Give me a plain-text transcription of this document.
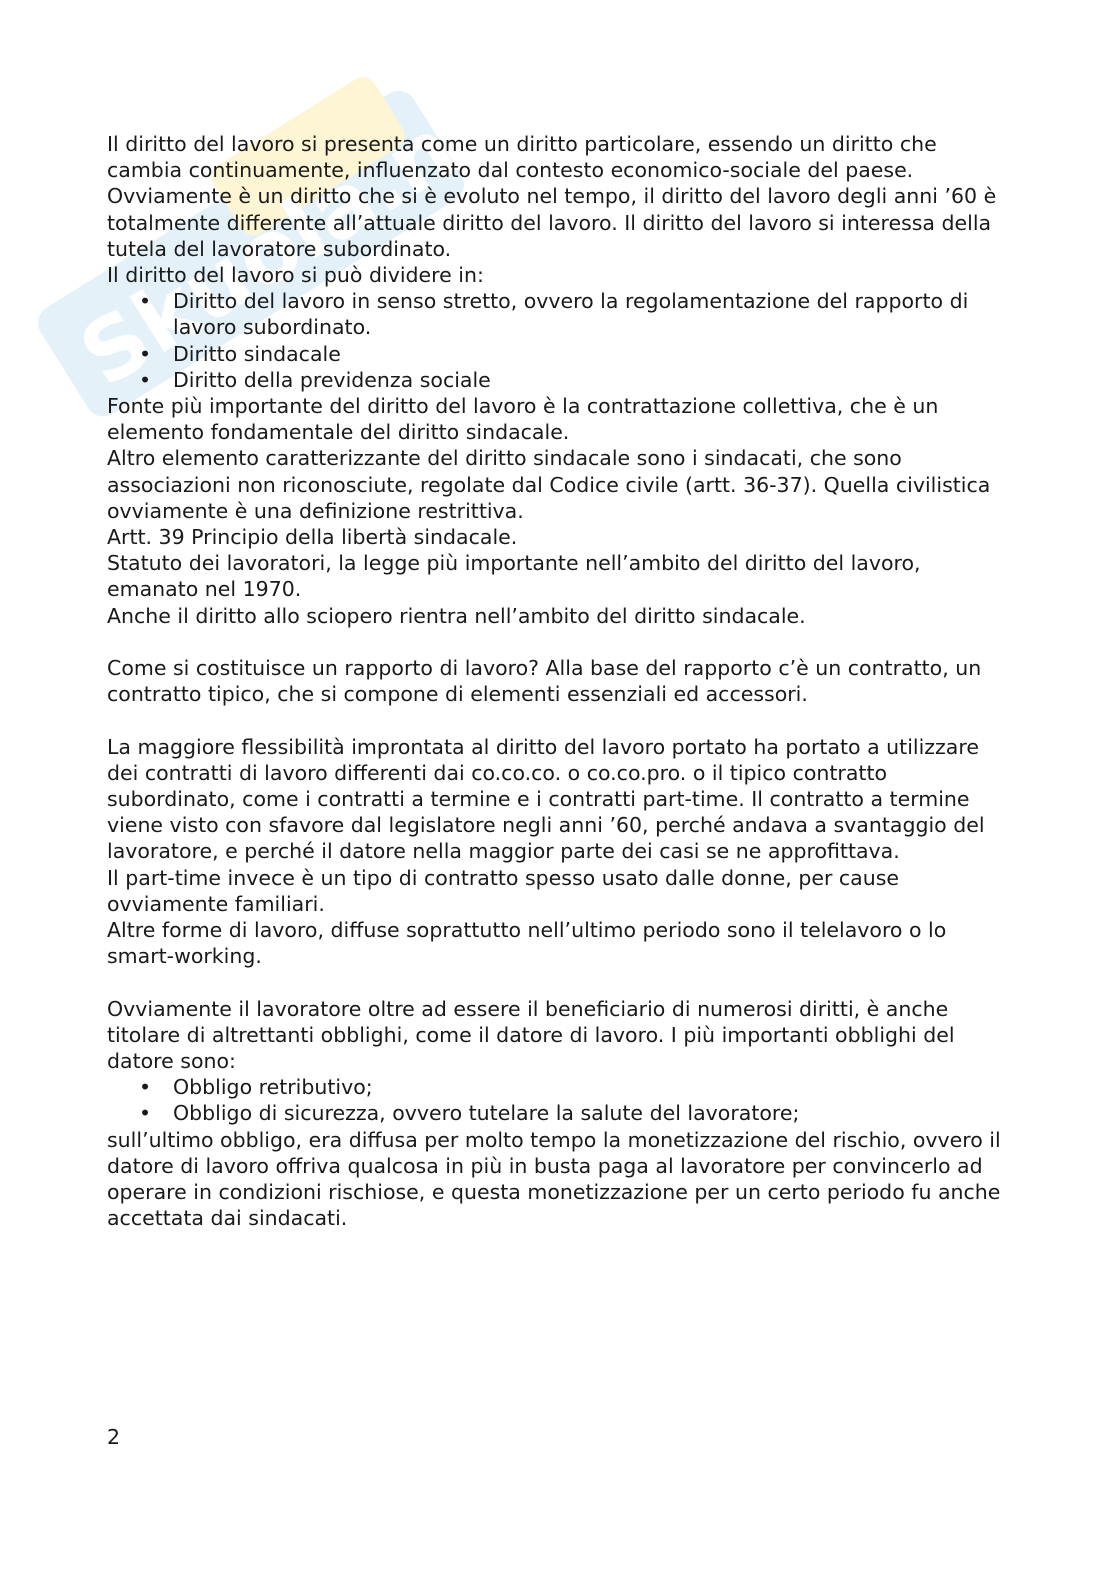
Skuola.net

Il diritto del lavoro si presenta come un diritto particolare, essendo un diritto che cambia continuamente, influenzato dal contesto economico-sociale del paese. Ovviamente è un diritto che si è evoluto nel tempo, il diritto del lavoro degli anni ’60 è totalmente differente all’attuale diritto del lavoro. Il diritto del lavoro si interessa della tutela del lavoratore subordinato.

Il diritto del lavoro si può dividere in:

• Diritto del lavoro in senso stretto, ovvero la regolamentazione del rapporto di lavoro subordinato.
• Diritto sindacale
• Diritto della previdenza sociale

Fonte più importante del diritto del lavoro è la contrattazione collettiva, che è un elemento fondamentale del diritto sindacale.

Altro elemento caratterizzante del diritto sindacale sono i sindacati, che sono associazioni non riconosciute, regolate dal Codice civile (artt. 36-37). Quella civilistica ovviamente è una definizione restrittiva.

Artt. 39 Principio della libertà sindacale.

Statuto dei lavoratori, la legge più importante nell’ambito del diritto del lavoro, emanato nel 1970.

Anche il diritto allo sciopero rientra nell’ambito del diritto sindacale.

Come si costituisce un rapporto di lavoro? Alla base del rapporto c’è un contratto, un contratto tipico, che si compone di elementi essenziali ed accessori.

La maggiore flessibilità improntata al diritto del lavoro portato ha portato a utilizzare dei contratti di lavoro differenti dai co.co.co. o co.co.pro. o il tipico contratto subordinato, come i contratti a termine e i contratti part-time. Il contratto a termine viene visto con sfavore dal legislatore negli anni ’60, perché andava a svantaggio del lavoratore, e perché il datore nella maggior parte dei casi se ne approfittava.

Il part-time invece è un tipo di contratto spesso usato dalle donne, per cause ovviamente familiari.

Altre forme di lavoro, diffuse soprattutto nell’ultimo periodo sono il telelavoro o lo smart-working.

Ovviamente il lavoratore oltre ad essere il beneficiario di numerosi diritti, è anche titolare di altrettanti obblighi, come il datore di lavoro. I più importanti obblighi del datore sono:

• Obbligo retributivo;
• Obbligo di sicurezza, ovvero tutelare la salute del lavoratore;

sull’ultimo obbligo, era diffusa per molto tempo la monetizzazione del rischio, ovvero il datore di lavoro offriva qualcosa in più in busta paga al lavoratore per convincerlo ad operare in condizioni rischiose, e questa monetizzazione per un certo periodo fu anche accettata dai sindacati.

2
